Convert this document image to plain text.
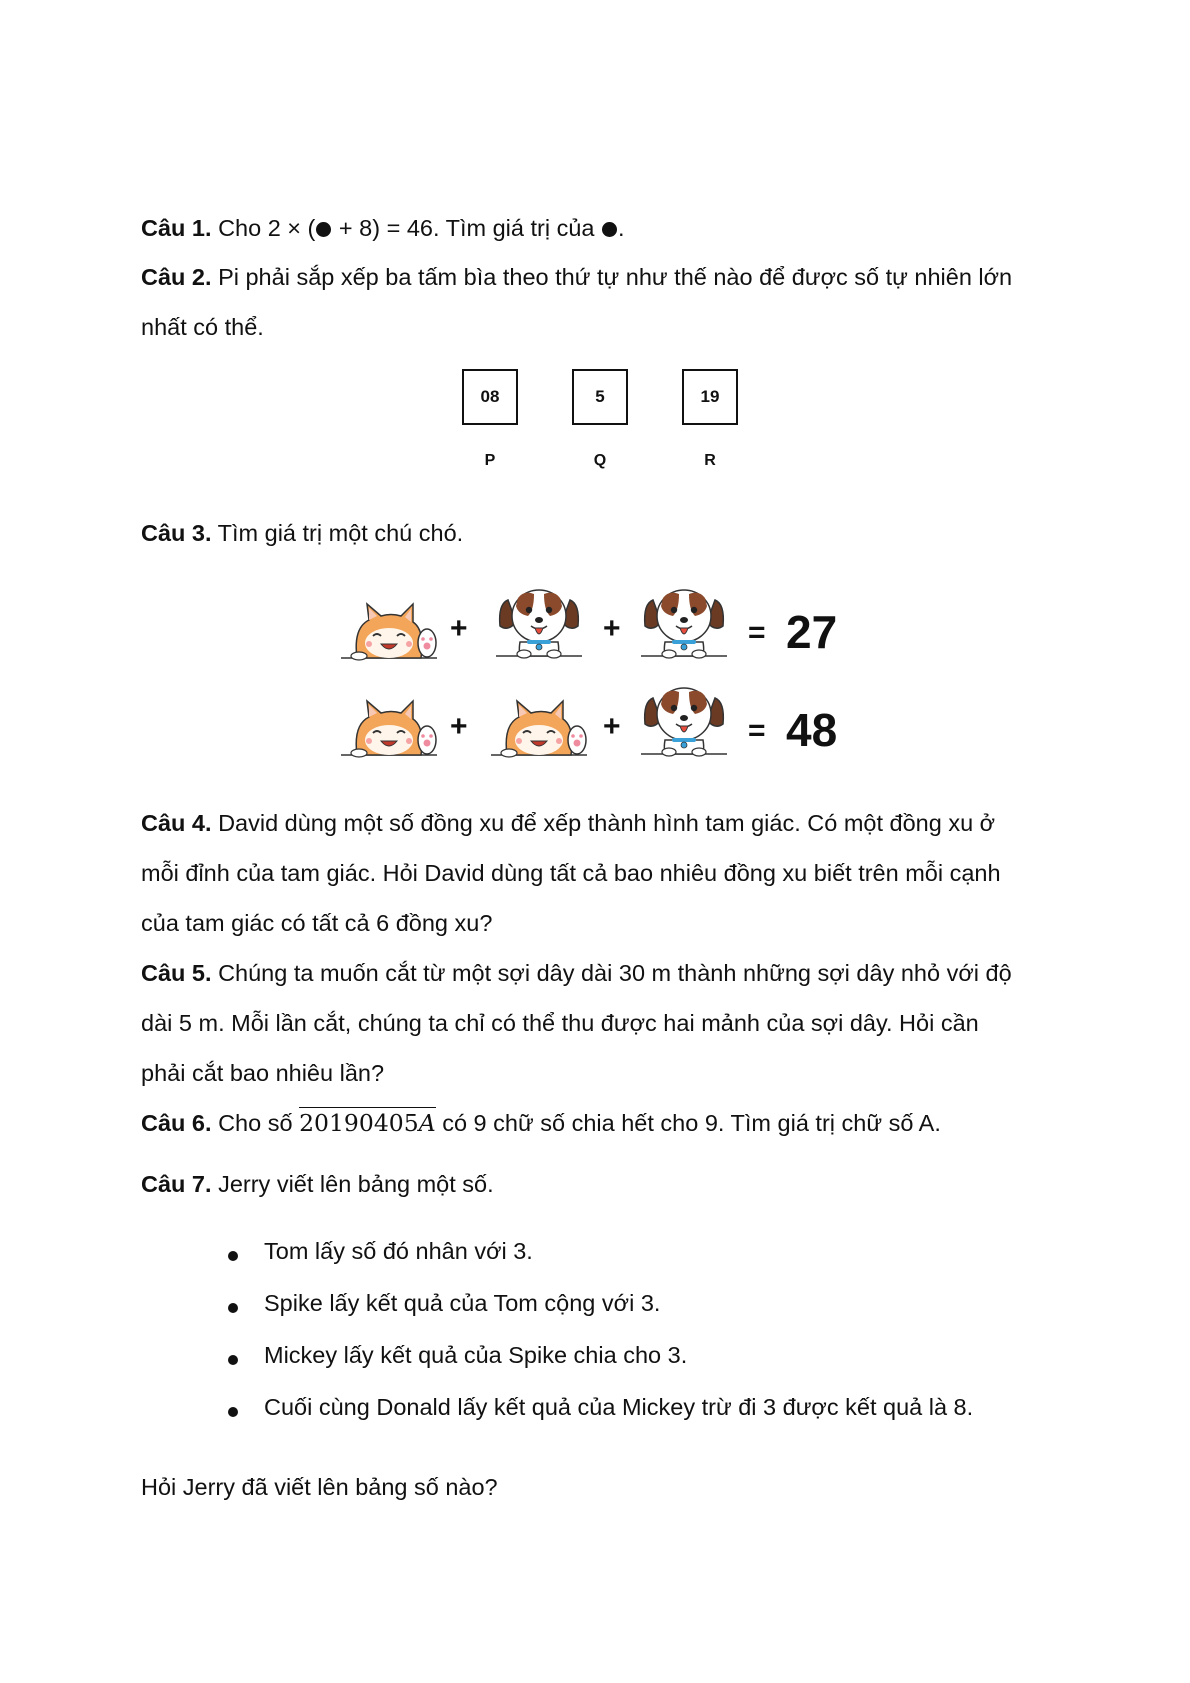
Câu 1. Cho 2 × ( + 8) = 46. Tìm giá trị của .
Câu 2. Pi phải sắp xếp ba tấm bìa theo thứ tự như thế nào để được số tự nhiên lớn
nhất có thể.
08	5	19
P	Q	R
Câu 3. Tìm giá trị một chú chó.
+	+	= 27
+	+	= 48
Câu 4. David dùng một số đồng xu để xếp thành hình tam giác. Có một đồng xu ở
mỗi đỉnh của tam giác. Hỏi David dùng tất cả bao nhiêu đồng xu biết trên mỗi cạnh
của tam giác có tất cả 6 đồng xu?
Câu 5. Chúng ta muốn cắt từ một sợi dây dài 30 m thành những sợi dây nhỏ với độ
dài 5 m. Mỗi lần cắt, chúng ta chỉ có thể thu được hai mảnh của sợi dây. Hỏi cần
phải cắt bao nhiêu lần?
Câu 6. Cho số 20190405A có 9 chữ số chia hết cho 9. Tìm giá trị chữ số A.
Câu 7. Jerry viết lên bảng một số.
Tom lấy số đó nhân với 3.
Spike lấy kết quả của Tom cộng với 3.
Mickey lấy kết quả của Spike chia cho 3.
Cuối cùng Donald lấy kết quả của Mickey trừ đi 3 được kết quả là 8.
Hỏi Jerry đã viết lên bảng số nào?
